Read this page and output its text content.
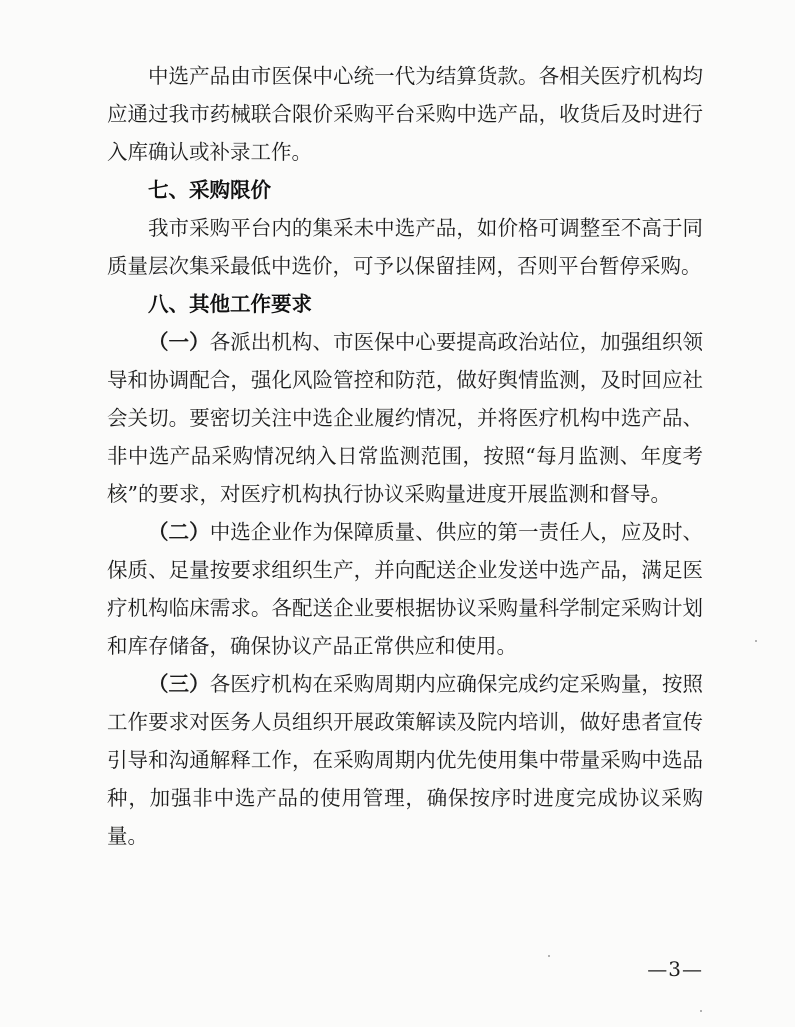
中选产品由市医保中心统一代为结算货款。各相关医疗机构均应通过我市药械联合限价采购平台采购中选产品，收货后及时进行入库确认或补录工作。

七、采购限价

我市采购平台内的集采未中选产品，如价格可调整至不高于同质量层次集采最低中选价，可予以保留挂网，否则平台暂停采购。

八、其他工作要求

（一）各派出机构、市医保中心要提高政治站位，加强组织领导和协调配合，强化风险管控和防范，做好舆情监测，及时回应社会关切。要密切关注中选企业履约情况，并将医疗机构中选产品、非中选产品采购情况纳入日常监测范围，按照“每月监测、年度考核”的要求，对医疗机构执行协议采购量进度开展监测和督导。

（二）中选企业作为保障质量、供应的第一责任人，应及时、保质、足量按要求组织生产，并向配送企业发送中选产品，满足医疗机构临床需求。各配送企业要根据协议采购量科学制定采购计划和库存储备，确保协议产品正常供应和使用。

（三）各医疗机构在采购周期内应确保完成约定采购量，按照工作要求对医务人员组织开展政策解读及院内培训，做好患者宣传引导和沟通解释工作，在采购周期内优先使用集中带量采购中选品种，加强非中选产品的使用管理，确保按序时进度完成协议采购量。

—3—
